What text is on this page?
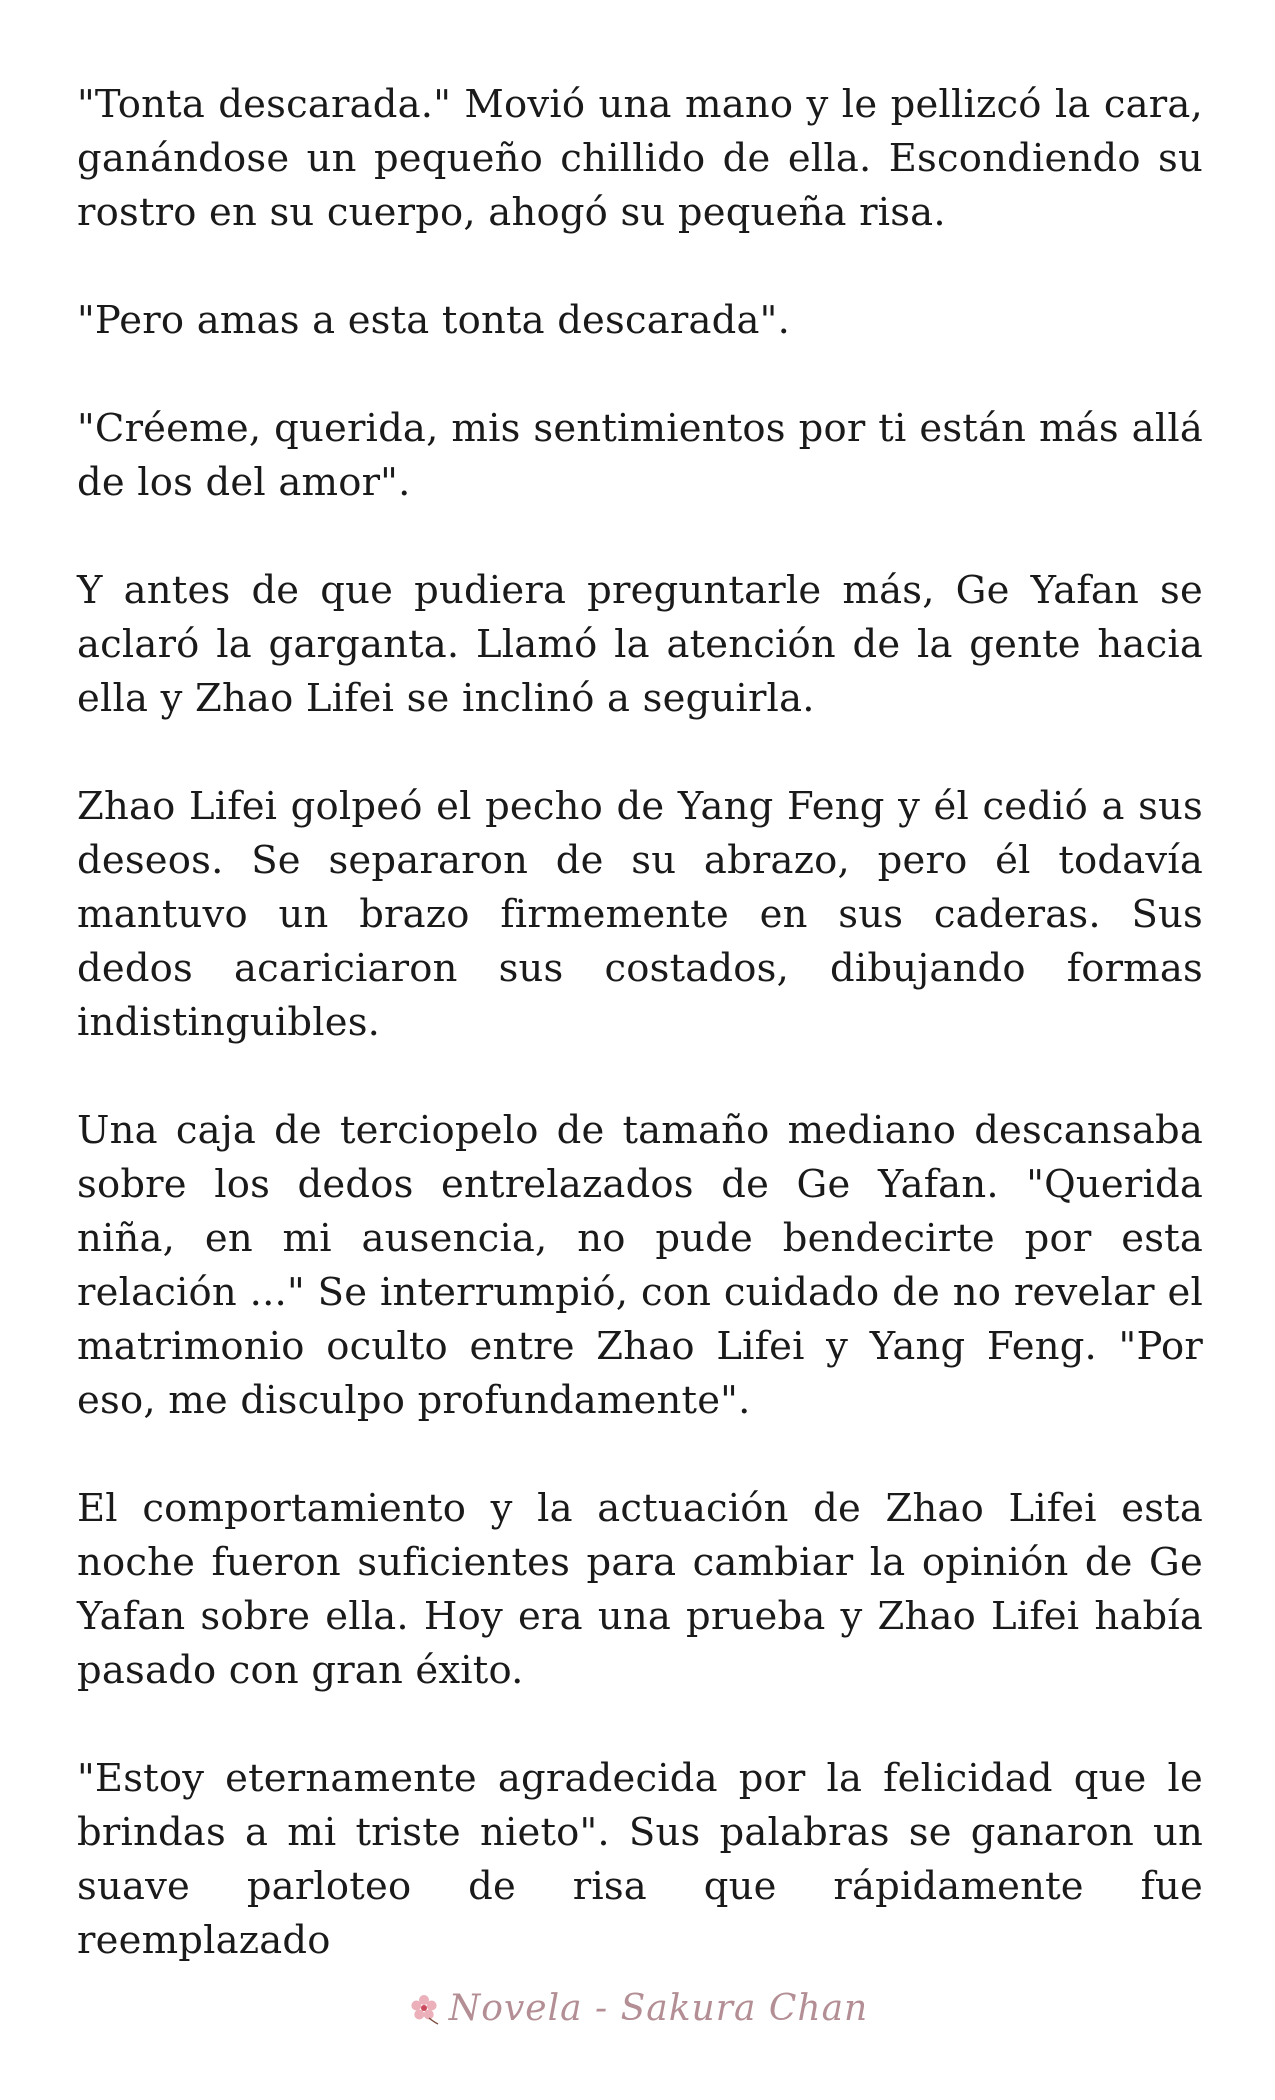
"Tonta descarada." Movió una mano y le pellizcó la cara, ganándose un pequeño chillido de ella. Escondiendo su rostro en su cuerpo, ahogó su pequeña risa.

"Pero amas a esta tonta descarada".

"Créeme, querida, mis sentimientos por ti están más allá de los del amor".

Y antes de que pudiera preguntarle más, Ge Yafan se aclaró la garganta. Llamó la atención de la gente hacia ella y Zhao Lifei se inclinó a seguirla.

Zhao Lifei golpeó el pecho de Yang Feng y él cedió a sus deseos. Se separaron de su abrazo, pero él todavía mantuvo un brazo firmemente en sus caderas. Sus dedos acariciaron sus costados, dibujando formas indistinguibles.

Una caja de terciopelo de tamaño mediano descansaba sobre los dedos entrelazados de Ge Yafan. "Querida niña, en mi ausencia, no pude bendecirte por esta relación ..." Se interrumpió, con cuidado de no revelar el matrimonio oculto entre Zhao Lifei y Yang Feng. "Por eso, me disculpo profundamente".

El comportamiento y la actuación de Zhao Lifei esta noche fueron suficientes para cambiar la opinión de Ge Yafan sobre ella. Hoy era una prueba y Zhao Lifei había pasado con gran éxito.

"Estoy eternamente agradecida por la felicidad que le brindas a mi triste nieto". Sus palabras se ganaron un suave parloteo de risa que rápidamente fue reemplazado

Novela - Sakura Chan
